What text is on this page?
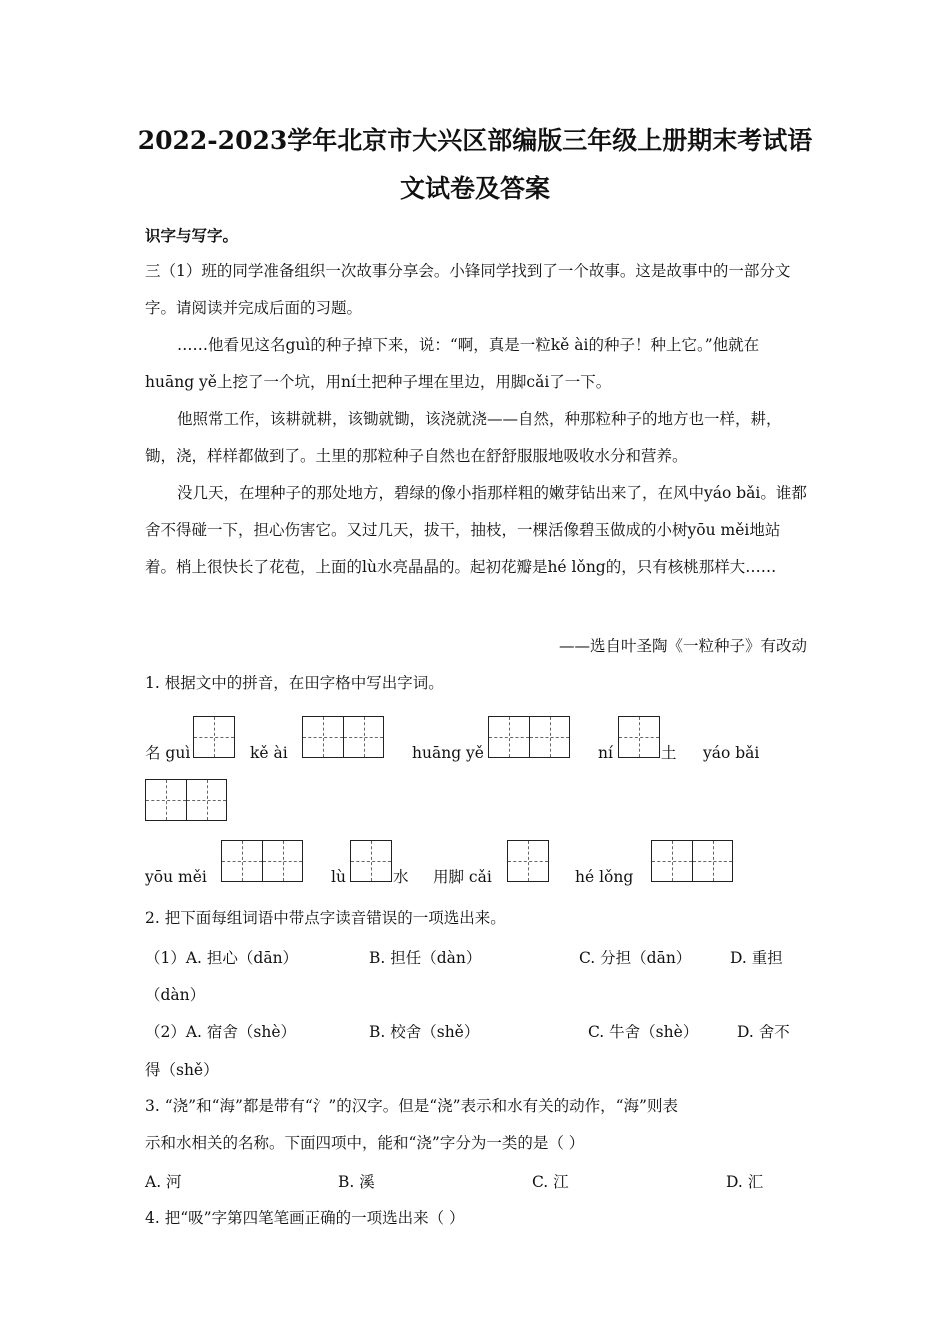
2022-2023学年北京市大兴区部编版三年级上册期末考试语
文试卷及答案
识字与写字。
三（1）班的同学准备组织一次故事分享会。小锋同学找到了一个故事。这是故事中的一部分文字。请阅读并完成后面的习题。
……他看见这名guì的种子掉下来，说：“啊，真是一粒kě ài的种子！种上它。”他就在huāng yě上挖了一个坑，用ní土把种子埋在里边，用脚cǎi了一下。
他照常工作，该耕就耕，该锄就锄，该浇就浇——自然，种那粒种子的地方也一样，耕，锄，浇，样样都做到了。土里的那粒种子自然也在舒舒服服地吸收水分和营养。
没几天，在埋种子的那处地方，碧绿的像小指那样粗的嫩芽钻出来了，在风中yáo bǎi。谁都舍不得碰一下，担心伤害它。又过几天，拔干，抽枝，一棵活像碧玉做成的小树yōu měi地站着。梢上很快长了花苞，上面的lù水亮晶晶的。起初花瓣是hé lǒng的，只有核桃那样大……
——选自叶圣陶《一粒种子》有改动
1. 根据文中的拼音，在田字格中写出字词。
名 guì	kě ài	huāng yě	ní	土 yáo bǎi
yōu měi	lù	水 用脚 cǎi	hé lǒng
2. 把下面每组词语中带点字读音错误的一项选出来。
（1）A. 担心（dān）	B. 担任（dàn）	C. 分担（dān） D. 重担
（dàn）
（2）A. 宿舍（shè）	B. 校舍（shě）	C. 牛舍（shè） D. 舍不
得（shě）
3. “浇”和“海”都是带有“氵”的汉字。但是“浇”表示和水有关的动作，“海”则表
示和水相关的名称。下面四项中，能和“浇”字分为一类的是（ ）
A. 河	B. 溪	C. 江	D. 汇
4. 把“吸”字第四笔笔画正确的一项选出来（ ）
